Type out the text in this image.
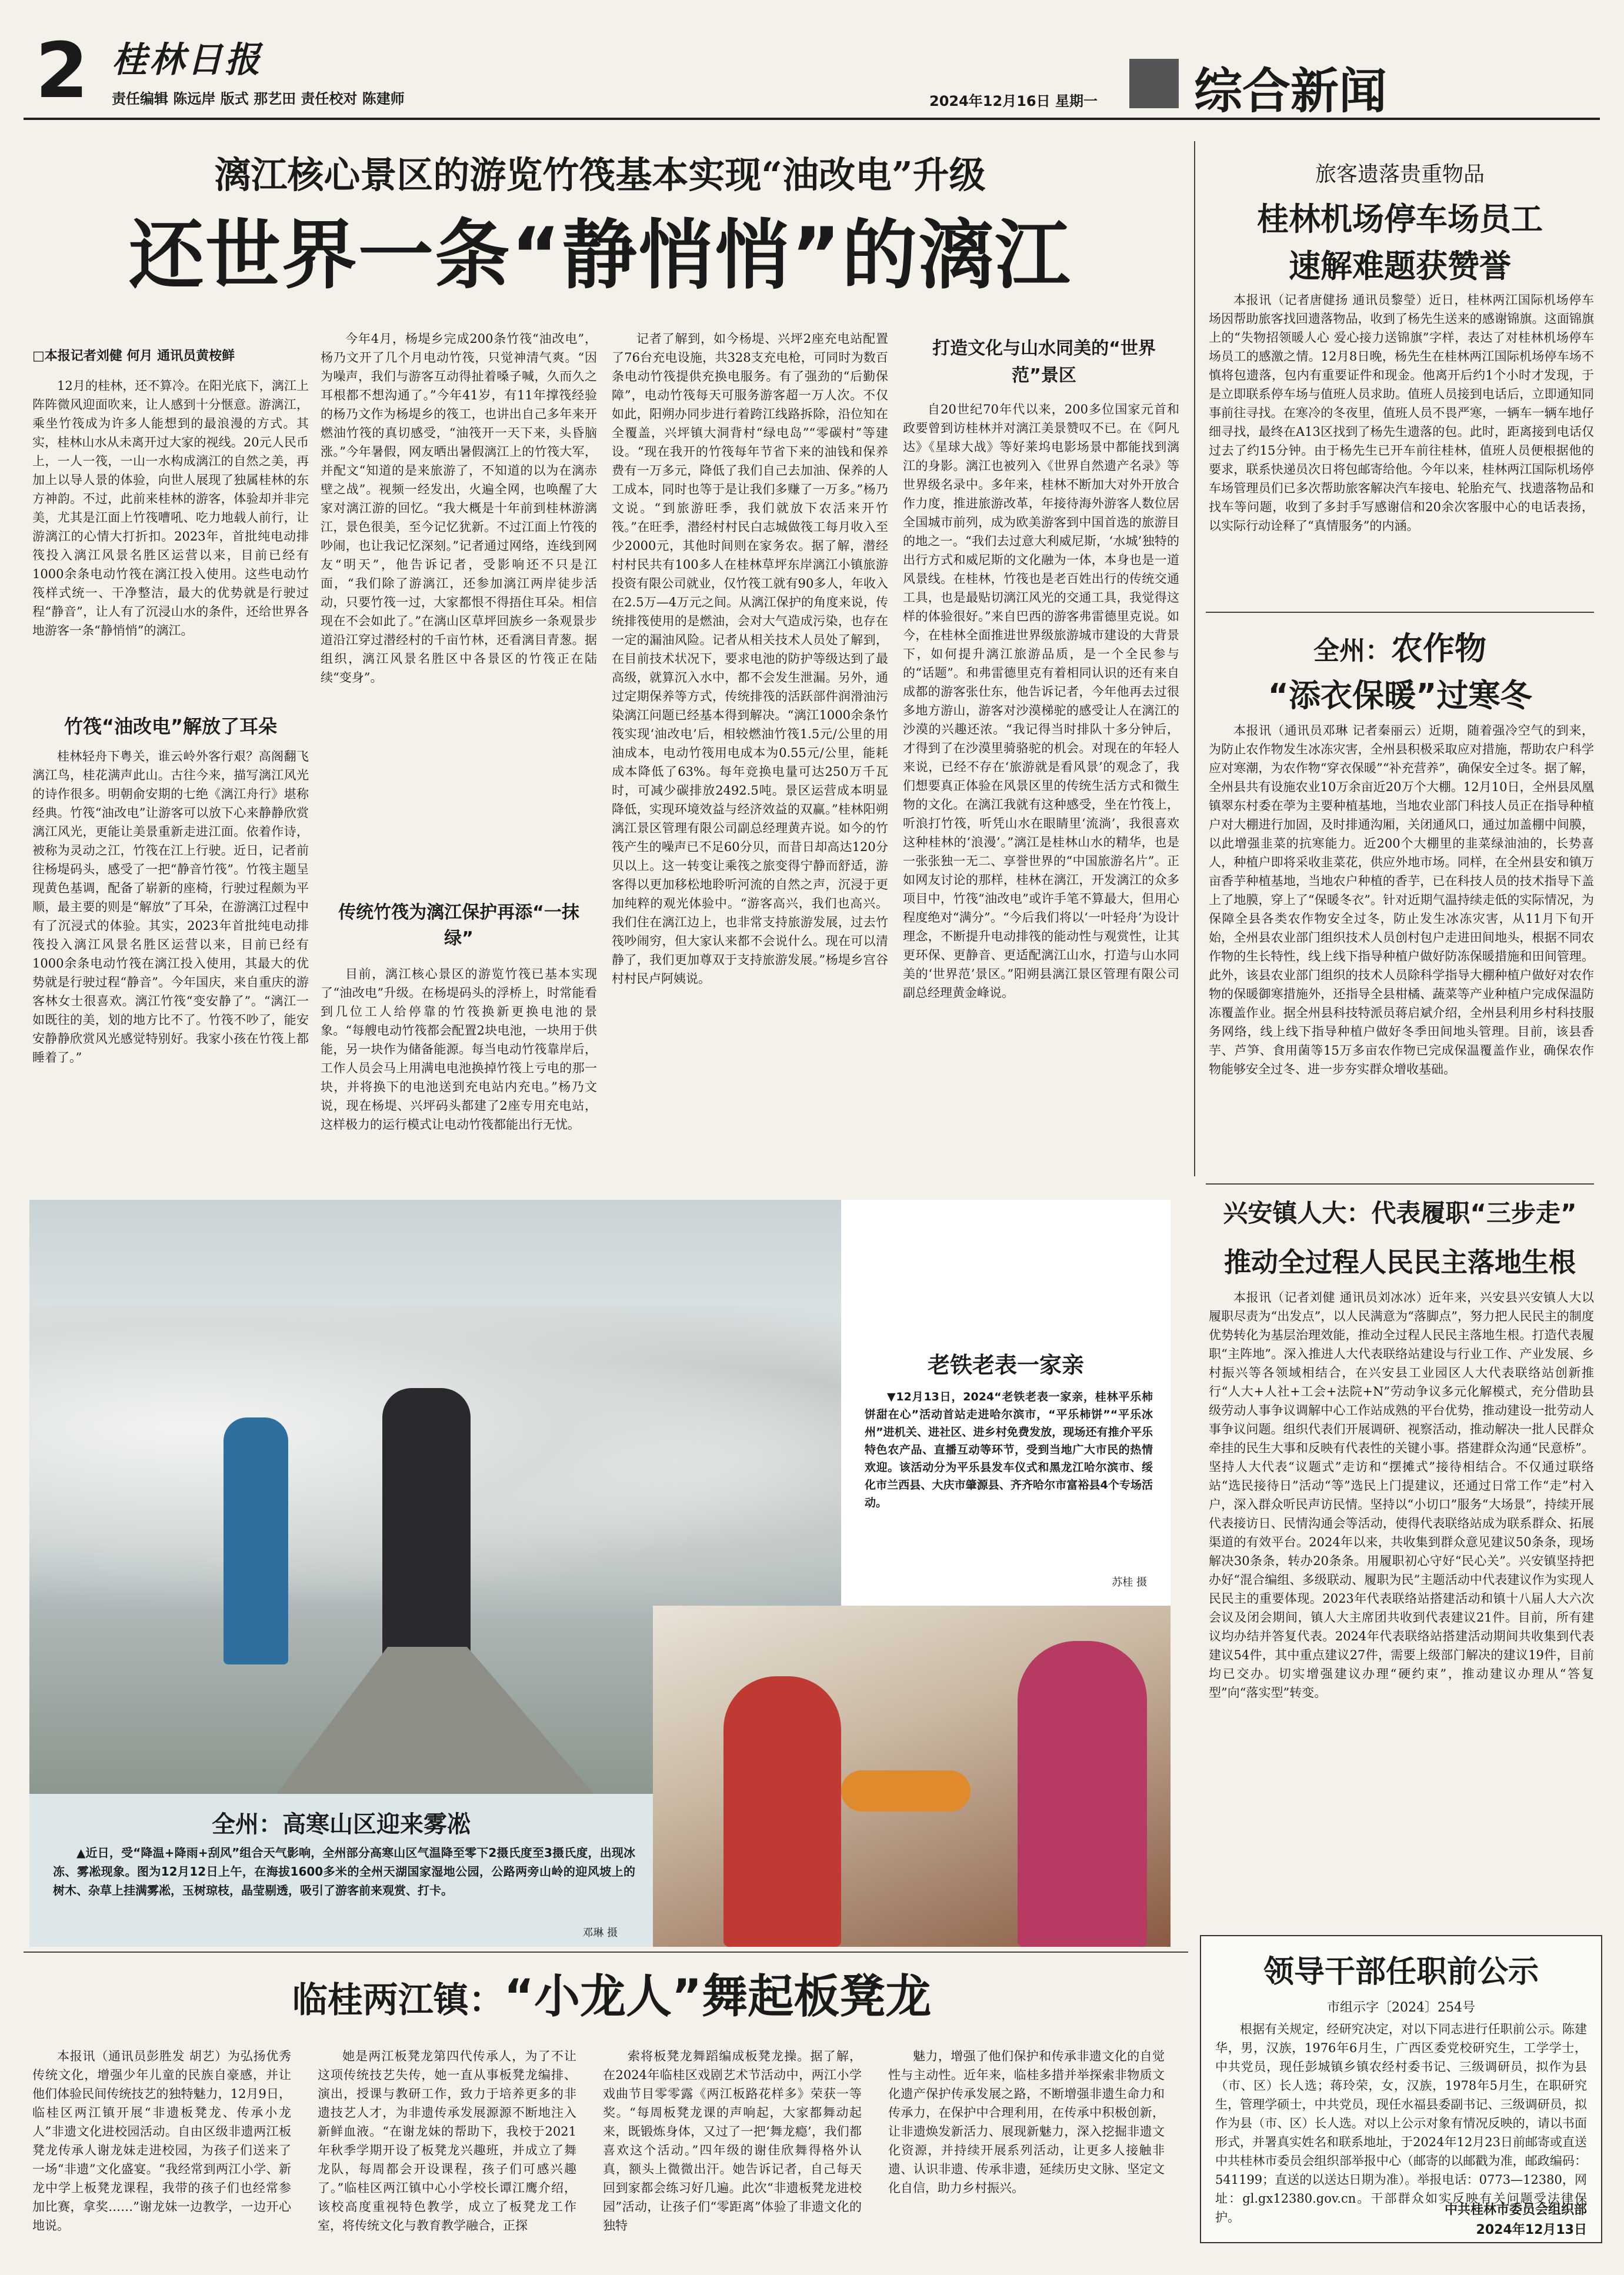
2 桂林日报
责任编辑 陈远岸 版式 那艺田 责任校对 陈建师	2024年12月16日 星期一 综合新闻
漓江核心景区的游览竹筏基本实现“油改电”升级
还世界一条“静悄悄”的漓江
□本报记者刘健 何月 通讯员黄桉鲜

12月的桂林，还不算冷。在阳光底下，漓江上阵阵微风迎面吹来，让人感到十分惬意。游漓江，乘坐竹筏成为许多人能想到的最浪漫的方式。其实，桂林山水从未离开过大家的视线。20元人民币上，一人一筏，一山一水构成漓江的自然之美，再加上以导人景的体验，向世人展现了独属桂林的东方神韵。不过，此前来桂林的游客，体验却并非完美，尤其是江面上竹筏嘈吼、吃力地载人前行，让游漓江的心情大打折扣。2023年，首批纯电动排筏投入漓江风景名胜区运营以来，目前已经有1000余条电动竹筏在漓江投入使用。这些电动竹筏样式统一、干净整洁，最大的优势就是行驶过程“静音”，让人有了沉浸山水的条件，还给世界各地游客一条“静悄悄”的漓江。

竹筏“油改电”解放了耳朵

桂林轻舟下粤关，谁云岭外客行艰？高阁翻飞漓江鸟，桂花满声此山。古往今来，描写漓江风光的诗作很多。明朝俞安期的七绝《漓江舟行》堪称经典。竹筏“油改电”让游客可以放下心来静静欣赏漓江风光，更能让美景重新走进江面。依着作诗，被称为灵动之江，竹筏在江上行驶。近日，记者前往杨堤码头，感受了一把“静音竹筏”。竹筏主题呈现黄色基调，配备了崭新的座椅，行驶过程颇为平顺，最主要的则是“解放”了耳朵，在游漓江过程中有了沉浸式的体验。其实，2023年首批纯电动排筏投入漓江风景名胜区运营以来，目前已经有1000余条电动竹筏在漓江投入使用，其最大的优势就是行驶过程“静音”。今年国庆，来自重庆的游客林女士很喜欢。漓江竹筏“变安静了”。“漓江一如既往的美，划的地方比不了。竹筏不吵了，能安安静静欣赏风光感觉特别好。我家小孩在竹筏上都睡着了。”

今年4月，杨堤乡完成200条竹筏“油改电”，杨乃文开了几个月电动竹筏，只觉神清气爽。“因为噪声，我们与游客互动得扯着嗓子喊，久而久之耳根都不想沟通了。”今年41岁，有11年撑筏经验的杨乃文作为杨堤乡的筏工，也讲出自己多年来开燃油竹筏的真切感受，“油筏开一天下来，头昏脑涨。”今年暑假，网友晒出暑假漓江上的竹筏大军，并配文“知道的是来旅游了，不知道的以为在漓赤壁之战”。视频一经发出，火遍全网，也唤醒了大家对漓江游的回忆。“我大概是十年前到桂林游漓江，景色很美，至今记忆犹新。不过江面上竹筏的吵闹，也让我记忆深刻。”记者通过网络，连线到网友“明天”，他告诉记者，受影响还不只是江面，“我们除了游漓江，还参加漓江两岸徒步活动，只要竹筏一过，大家都恨不得捂住耳朵。相信现在不会如此了。”在漓山区草坪回族乡一条观景步道沿江穿过潜经村的千亩竹林，还看漓目青葱。据组织，漓江风景名胜区中各景区的竹筏正在陆续“变身”。

传统竹筏为漓江保护再添“一抹绿”

目前，漓江核心景区的游览竹筏已基本实现了“油改电”升级。在杨堤码头的浮桥上，时常能看到几位工人给停靠的竹筏换新更换电池的景象。“每艘电动竹筏都会配置2块电池，一块用于供能，另一块作为储备能源。每当电动竹筏靠岸后，工作人员会马上用满电电池换掉竹筏上亏电的那一块，并将换下的电池送到充电站内充电。”杨乃文说，现在杨堤、兴坪码头都建了2座专用充电站，这样极力的运行模式让电动竹筏都能出行无忧。

记者了解到，如今杨堤、兴坪2座充电站配置了76台充电设施，共328支充电枪，可同时为数百条电动竹筏提供充换电服务。有了强劲的“后勤保障”，电动竹筏每天可服务游客超一万人次。不仅如此，阳朔办同步进行着跨江线路拆除，沿位知在全覆盖，兴坪镇大洞背村“绿电岛”“零碳村”等建设。“现在我开的竹筏每年节省下来的油钱和保养费有一万多元，降低了我们自己去加油、保养的人工成本，同时也等于是让我们多赚了一万多。”杨乃文说。“到旅游旺季，我们就放下农活来开竹筏。”在旺季，潜经村村民白志城做筏工每月收入至少2000元，其他时间则在家务农。据了解，潜经村村民共有100多人在桂林草坪东岸漓江小镇旅游投资有限公司就业，仅竹筏工就有90多人，年收入在2.5万—4万元之间。从漓江保护的角度来说，传统排筏使用的是燃油，会对大气造成污染，也存在一定的漏油风险。记者从相关技术人员处了解到，在目前技术状况下，要求电池的防护等级达到了最高级，就算沉入水中，都不会发生泄漏。另外，通过定期保养等方式，传统排筏的活跃部件润滑油污染漓江问题已经基本得到解决。“漓江1000余条竹筏实现‘油改电’后，相较燃油竹筏1.5元/公里的用油成本，电动竹筏用电成本为0.55元/公里，能耗成本降低了63%。每年竞换电量可达250万千瓦时，可减少碳排放2492.5吨。景区运营成本明显降低，实现环境效益与经济效益的双赢。”桂林阳朔漓江景区管理有限公司副总经理黄卉说。如今的竹筏产生的噪声已不足60分贝，而昔日却高达120分贝以上。这一转变让乘筏之旅变得宁静而舒适，游客得以更加移松地聆听河流的自然之声，沉浸于更加纯粹的观光体验中。“游客高兴，我们也高兴。我们住在漓江边上，也非常支持旅游发展，过去竹筏吵闹穷，但大家认来都不会说什么。现在可以清静了，我们更加尊双于支持旅游发展。”杨堤乡宫谷村村民卢阿姨说。

打造文化与山水同美的“世界范”景区

自20世纪70年代以来，200多位国家元首和政要曾到访桂林并对漓江美景赞叹不已。在《阿凡达》《星球大战》等好莱坞电影场景中都能找到漓江的身影。漓江也被列入《世界自然遗产名录》等世界级名录中。多年来，桂林不断加大对外开放合作力度，推进旅游改革，年接待海外游客人数位居全国城市前列，成为欧美游客到中国首选的旅游目的地之一。“我们去过意大利威尼斯，‘水城’独特的出行方式和威尼斯的文化融为一体，本身也是一道风景线。在桂林，竹筏也是老百姓出行的传统交通工具，也是最贴切漓江风光的交通工具，我觉得这样的体验很好。”来自巴西的游客弗雷德里克说。如今，在桂林全面推进世界级旅游城市建设的大背景下，如何提升漓江旅游品质，是一个全民参与的“话题”。和弗雷德里克有着相同认识的还有来自成都的游客张仕东，他告诉记者，今年他再去过很多地方游山，游客对沙漠梯驼的感受让人在漓江的沙漠的兴趣还浓。“我记得当时排队十多分钟后，才得到了在沙漠里骑骆驼的机会。对现在的年轻人来说，已经不存在‘旅游就是看风景’的观念了，我们想要真正体验在风景区里的传统生活方式和微生物的文化。在漓江我就有这种感受，坐在竹筏上，听浪打竹筏，听凭山水在眼睛里‘流淌’，我很喜欢这种桂林的‘浪漫’。”漓江是桂林山水的精华，也是一张张独一无二、享誉世界的“中国旅游名片”。正如网友讨论的那样，桂林在漓江，开发漓江的众多项目中，竹筏“油改电”或许手笔不算最大，但用心程度绝对“满分”。“今后我们将以‘一叶轻舟’为设计理念，不断提升电动排筏的能动性与观赏性，让其更环保、更静音、更适配漓江山水，打造与山水同美的‘世界范’景区。”阳朔县漓江景区管理有限公司副总经理黄金峰说。

旅客遗落贵重物品
桂林机场停车场员工
速解难题获赞誉

本报讯（记者唐健扬 通讯员黎瑩）近日，桂林两江国际机场停车场因帮助旅客找回遗落物品，收到了杨先生送来的感谢锦旗。这面锦旗上的“失物招领暖人心 爱心接力送锦旗”字样，表达了对桂林机场停车场员工的感激之情。12月8日晚，杨先生在桂林两江国际机场停车场不慎将包遗落，包内有重要证件和现金。他离开后约1个小时才发现，于是立即联系停车场与值班人员求助。值班人员接到电话后，立即通知同事前往寻找。在寒冷的冬夜里，值班人员不畏严寒，一辆车一辆车地仔细寻找，最终在A13区找到了杨先生遗落的包。此时，距离接到电话仅过去了约15分钟。由于杨先生已开车前往桂林，值班人员便根据他的要求，联系快递员次日将包邮寄给他。今年以来，桂林两江国际机场停车场管理员们已多次帮助旅客解决汽车接电、轮胎充气、找遗落物品和找车等问题，收到了多封手写感谢信和20余次客服中心的电话表扬，以实际行动诠释了“真情服务”的内涵。

全州：农作物
“添衣保暖”过寒冬

本报讯（通讯员邓琳 记者秦丽云）近期，随着强冷空气的到来，为防止农作物发生冰冻灾害，全州县积极采取应对措施，帮助农户科学应对寒潮，为农作物“穿衣保暖”“补充营养”，确保安全过冬。据了解，全州县共有设施农业10万余亩近20万个大棚。12月10日，全州县凤凰镇翠东村委在荸为主要种植基地，当地农业部门科技人员正在指导种植户对大棚进行加固，及时排通沟厢，关闭通风口，通过加盖棚中间膜，以此增强韭菜的抗寒能力。近200个大棚里的韭菜绿油油的，长势喜人，种植户即将采收韭菜花，供应外地市场。同样，在全州县安和镇万亩香芋种植基地，当地农户种植的香芋，已在科技人员的技术指导下盖上了地膜，穿上了“保暖冬衣”。针对近期气温持续走低的实际情况，为保障全县各类农作物安全过冬，防止发生冰冻灾害，从11月下旬开始，全州县农业部门组织技术人员创村包户走进田间地头，根据不同农作物的生长特性，线上线下指导种植户做好防冻保暖措施和田间管理。此外，该县农业部门组织的技术人员除科学指导大棚种植户做好对农作物的保暖御寒措施外，还指导全县柑橘、蔬菜等产业种植户完成保温防冻覆盖作业。据全州县科技特派员蒋启斌介绍，全州县利用乡村科技服务网络，线上线下指导种植户做好冬季田间地头管理。目前，该县香芋、芦笋、食用菌等15万多亩农作物已完成保温覆盖作业，确保农作物能够安全过冬、进一步夯实群众增收基础。

兴安镇人大：代表履职“三步走”
推动全过程人民民主落地生根

本报讯（记者刘健 通讯员刘冰冰）近年来，兴安县兴安镇人大以履职尽责为“出发点”，以人民满意为“落脚点”，努力把人民民主的制度优势转化为基层治理效能，推动全过程人民民主落地生根。打造代表履职“主阵地”。深入推进人大代表联络站建设与行业工作、产业发展、乡村振兴等各领域相结合，在兴安县工业园区人大代表联络站创新推行“人大+人社+工会+法院+N”劳动争议多元化解模式，充分借助县级劳动人事争议调解中心工作站成熟的平台优势，推动建设一批劳动人事争议问题。组织代表们开展调研、视察活动，推动解决一批人民群众牵挂的民生大事和反映有代表性的关键小事。搭建群众沟通“民意桥”。坚持人大代表“议题式”走访和“摆摊式”接待相结合。不仅通过联络站“选民接待日”活动“等”选民上门提建议，还通过日常工作“走”村入户，深入群众听民声访民情。坚持以“小切口”服务“大场景”，持续开展代表接访日、民情沟通会等活动，使得代表联络站成为联系群众、拓展渠道的有效平台。2024年以来，共收集到群众意见建议50条条，现场解决30条条，转办20条条。用履职初心守好“民心关”。兴安镇坚持把办好“混合编组、多级联动、履职为民”主题活动中代表建议作为实现人民民主的重要体现。2023年代表联络站搭建活动和镇十八届人大六次会议及闭会期间，镇人大主席团共收到代表建议21件。目前，所有建议均办结并答复代表。2024年代表联络站搭建活动期间共收集到代表建议54件，其中重点建议27件，需要上级部门解决的建议19件，目前均已交办。切实增强建议办理“硬约束”，推动建议办理从“答复型”向“落实型”转变。

领导干部任职前公示
市组示字〔2024〕254号

根据有关规定，经研究决定，对以下同志进行任职前公示。陈建华，男，汉族，1976年6月生，广西区委党校研究生，工学学士，中共党员，现任彭城镇乡镇农经村委书记、三级调研员，拟作为县（市、区）长人选；蒋玲荣，女，汉族，1978年5月生，在职研究生，管理学硕士，中共党员，现任水福县委副书记、三级调研员，拟作为县（市、区）长人选。对以上公示对象有情况反映的，请以书面形式，并署真实姓名和联系地址，于2024年12月23日前邮寄或直送中共桂林市委员会组织部举报中心（邮寄的以邮戳为准，邮政编码：541199；直送的以送达日期为准）。举报电话：0773—12380，网址：gl.gx12380.gov.cn。干部群众如实反映有关问题受法律保护。	中共桂林市委员会组织部
2024年12月13日
全州：高寒山区迎来雾凇

▲近日，受“降温+降雨+刮风”组合天气影响，全州部分高寒山区气温降至零下2摄氏度至3摄氏度，出现冰冻、雾凇现象。图为12月12日上午，在海拔1600多米的全州天湖国家湿地公园，公路两旁山岭的迎风坡上的树木、杂草上挂满雾凇，玉树琼枝，晶莹剔透，吸引了游客前来观赏、打卡。

邓琳 摄
老铁老表一家亲

▼12月13日，2024“老铁老表一家亲，桂林平乐柿饼甜在心”活动首站走进哈尔滨市，“平乐柿饼”“平乐冰州”进机关、进社区、进乡村免费发放，现场还有推介平乐特色农产品、直播互动等环节，受到当地广大市民的热情欢迎。该活动分为平乐县发车仪式和黑龙江哈尔滨市、绥化市兰西县、大庆市肇源县、齐齐哈尔市富裕县4个专场活动。

苏桂 摄
临桂两江镇：“小龙人”舞起板凳龙

本报讯（通讯员彭胜发 胡艺）为弘扬优秀传统文化，增强少年儿童的民族自豪感，并让他们体验民间传统技艺的独特魅力，12月9日，临桂区两江镇开展“非遗板凳龙、传承小龙人”非遗文化进校园活动。自由区级非遗两江板凳龙传承人谢龙妹走进校园，为孩子们送来了一场“非遗”文化盛宴。“我经常到两江小学、新龙中学上板凳龙课程，我带的孩子们也经常参加比赛，拿奖……”谢龙妹一边教学，一边开心地说。

她是两江板凳龙第四代传承人，为了不让这项传统技艺失传，她一直从事板凳龙编排、演出，授课与教研工作，致力于培养更多的非遗技艺人才，为非遗传承发展源源不断地注入新鲜血液。“在谢龙妹的帮助下，我校于2021年秋季学期开设了板凳龙兴趣班，并成立了舞龙队，每周都会开设课程，孩子们可感兴趣了。”临桂区两江镇中心小学校长谭江鹰介绍，该校高度重视特色教学，成立了板凳龙工作室，将传统文化与教育教学融合，正探

索将板凳龙舞蹈编成板凳龙操。据了解，在2024年临桂区戏剧艺术节活动中，两江小学戏曲节目零零露《两江板路花样多》荣获一等奖。“每周板凳龙课的声响起，大家都舞动起来，既锻炼身体，又过了一把‘舞龙瘾’，我们都喜欢这个活动。”四年级的谢佳欣舞得格外认真，额头上微微出汗。她告诉记者，自己每天回到家都会练习好几遍。此次“非遗板凳龙进校园”活动，让孩子们“零距离”体验了非遗文化的独特

魅力，增强了他们保护和传承非遗文化的自觉性与主动性。近年来，临桂多措并举探索非物质文化遗产保护传承发展之路，不断增强非遗生命力和传承力，在保护中合理利用，在传承中积极创新，让非遗焕发新活力、展现新魅力，深入挖掘非遗文化资源，并持续开展系列活动，让更多人接触非遗、认识非遗、传承非遗，延续历史文脉、坚定文化自信，助力乡村振兴。
